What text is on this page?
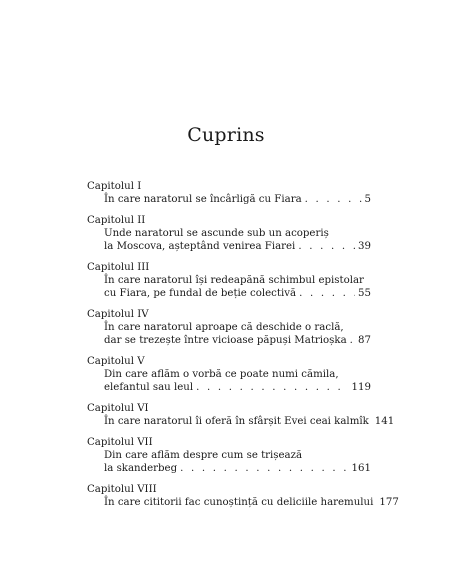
Cuprins
Capitolul I
În care naratorul se încârligă cu Fiara . . .	5
Capitolul II
Unde naratorul se ascunde sub un acoperiș
la Moscova, așteptând venirea Fiarei . . .	39
Capitolul III
În care naratorul își redeapănă schimbul epistolar
cu Fiara, pe fundal de beție colectivă . . .	55
Capitolul IV
În care naratorul aproape că deschide o raclă,
dar se trezește între vicioase păpuși Matrioșka . . . 87
Capitolul V
Din care aflăm o vorbă ce poate numi cămila,
elefantul sau leul . . .	119
Capitolul VI
În care naratorul îi oferă în sfârșit Evei ceai kalmîk 141
Capitolul VII
Din care aflăm despre cum se trișează
la skanderbeg . . .	161
Capitolul VIII
În care cititorii fac cunoștință cu deliciile haremului 177
